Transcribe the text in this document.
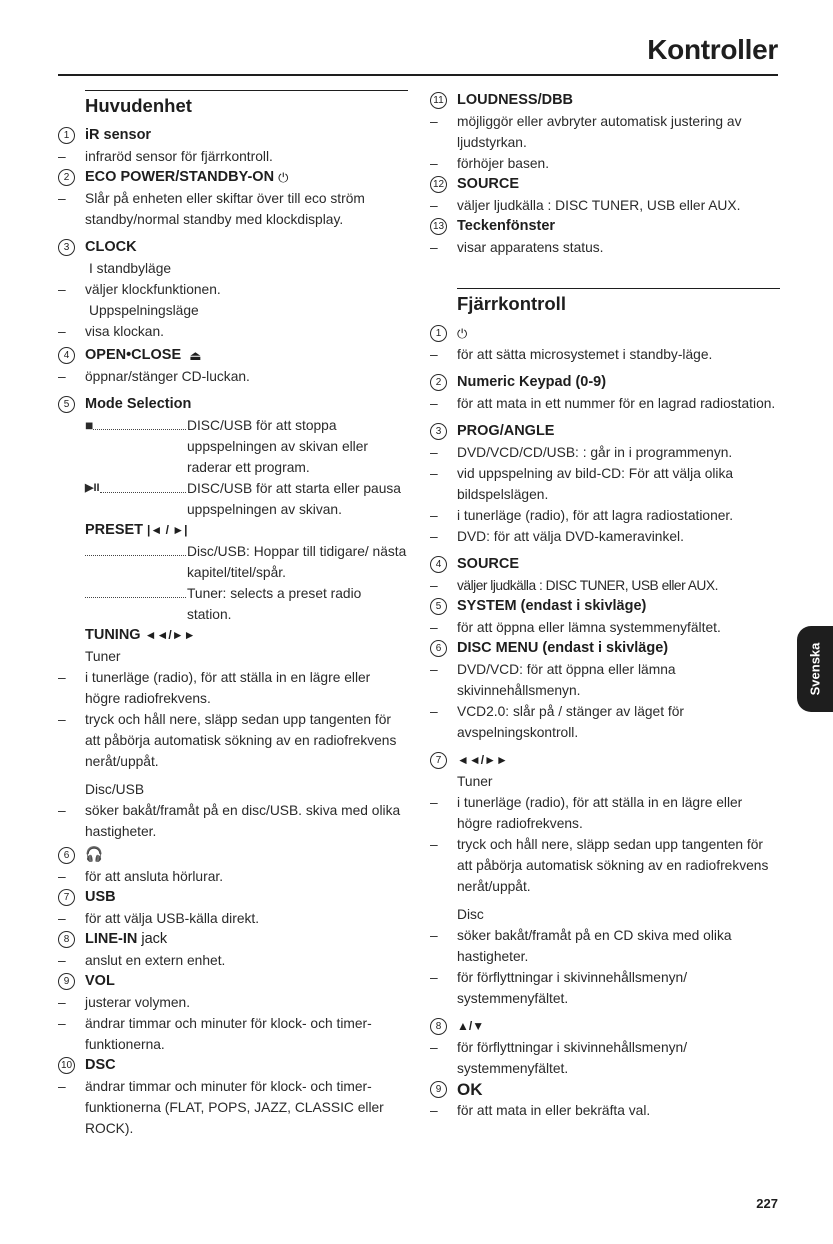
Kontroller
Huvudenhet
1	iR sensor
–	infraröd sensor för fjärrkontroll.
2	ECO POWER/STANDBY-ON
⏻
–	Slår på enheten eller skiftar över till eco ström standby/normal standby med klockdisplay.
3	CLOCK
I standbyläge
–	väljer klockfunktionen.
Uppspelningsläge
–	visa klockan.
4	OPEN•CLOSE
⏏
–	öppnar/stänger CD-luckan.
5	Mode Selection
■	DISC/USB för att stoppa uppspelningen av skivan eller raderar ett program.
▶II	DISC/USB för att starta eller pausa uppspelningen av skivan.
PRESET |◄ / ►|
Disc/USB: Hoppar till tidigare/ nästa kapitel/titel/spår.
Tuner: selects a preset radio station.
TUNING ◄◄/►►
Tuner
–	i tunerläge (radio), för att ställa in en lägre eller högre radiofrekvens.
–	tryck och håll nere, släpp sedan upp tangenten för att påbörja automatisk sökning av en radiofrekvens neråt/uppåt.
Disc/USB
–	söker bakåt/framåt på en disc/USB. skiva med olika hastigheter.
6	🎧
–	för att ansluta hörlurar.
7	USB
–	för att välja USB-källa direkt.
8	LINE-IN
jack
–	anslut en extern enhet.
9	VOL
–	justerar volymen.
–	ändrar timmar och minuter för klock- och timer-funktionerna.
10 DSC
–	ändrar timmar och minuter för klock- och timer-funktionerna (FLAT, POPS, JAZZ, CLASSIC eller ROCK).
11 LOUDNESS/DBB
–	möjliggör eller avbryter automatisk justering av ljudstyrkan.
–	förhöjer basen.
12 SOURCE
–	väljer ljudkälla : DISC TUNER, USB eller AUX.
13 Teckenfönster
–	visar apparatens status.
Fjärrkontroll
1	⏻
–	för att sätta microsystemet i standby-läge.
2	Numeric Keypad (0-9)
–	för att mata in ett nummer för en lagrad radiostation.
3	PROG/ANGLE
–	DVD/VCD/CD/USB: : går in i programmenyn.
–	vid uppspelning av bild-CD: För att välja olika bildspelslägen.
–	i tunerläge (radio), för att lagra radiostationer.
–	DVD: för att välja DVD-kameravinkel.
4	SOURCE
–	väljer ljudkälla : DISC TUNER, USB eller AUX.
5	SYSTEM (endast i skivläge)
–	för att öppna eller lämna systemmenyfältet.
6	DISC MENU (endast i skivläge)
–	DVD/VCD: för att öppna eller lämna skivinnehållsmenyn.
–	VCD2.0: slår på / stänger av läget för avspelningskontroll.
7	◄◄/►►
Tuner
–	i tunerläge (radio), för att ställa in en lägre eller högre radiofrekvens.
–	tryck och håll nere, släpp sedan upp tangenten för att påbörja automatisk sökning av en radiofrekvens neråt/uppåt.
Disc
–	söker bakåt/framåt på en CD skiva med olika hastigheter.
–	för förflyttningar i skivinnehållsmenyn/ systemmenyfältet.
8	▲/▼
–	för förflyttningar i skivinnehållsmenyn/ systemmenyfältet.
9 OK
–	för att mata in eller bekräfta val.
Svenska
227
